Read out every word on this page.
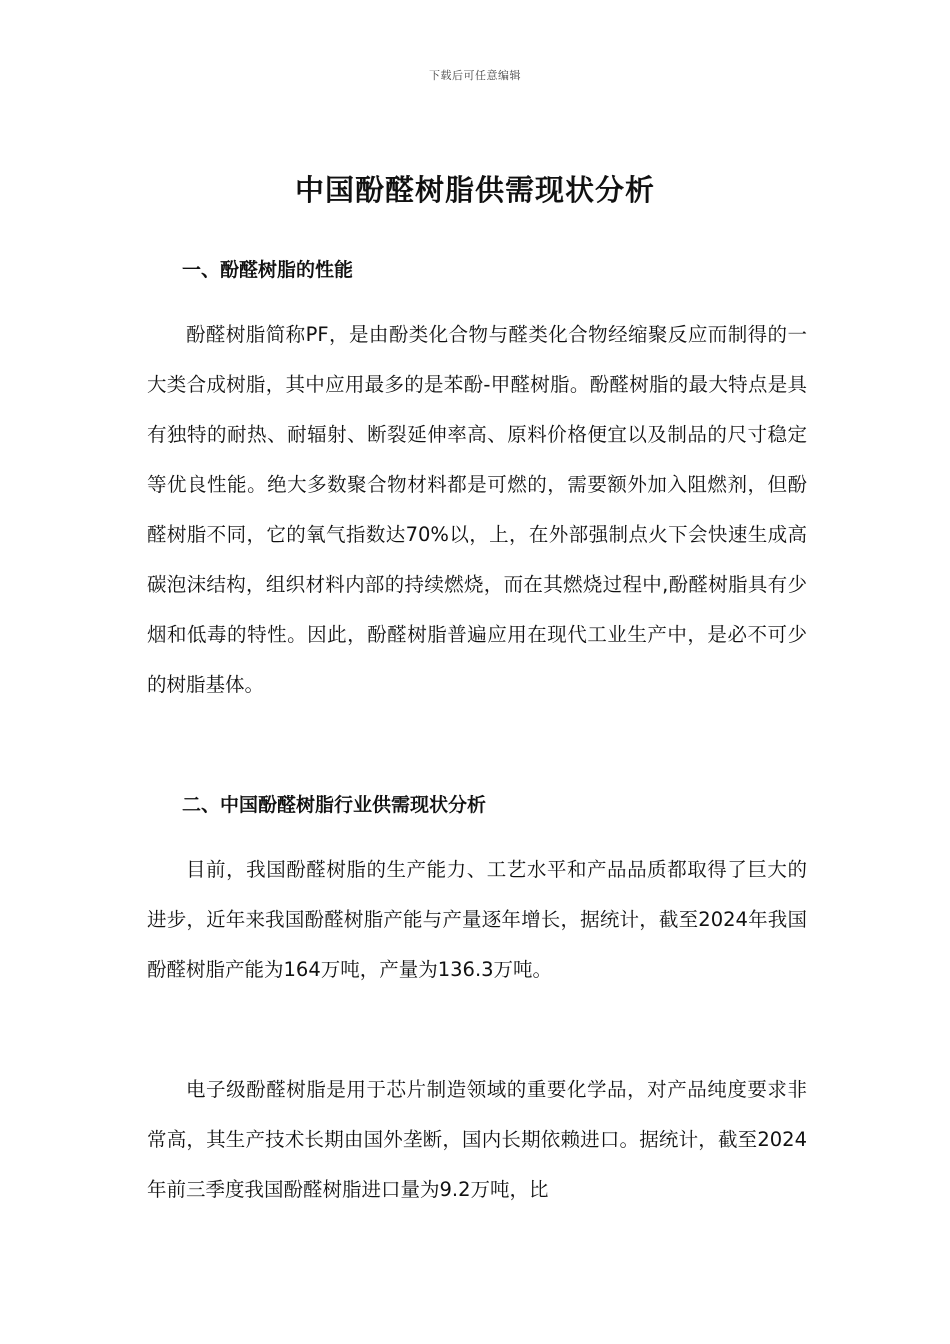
下载后可任意编辑
中国酚醛树脂供需现状分析
一、酚醛树脂的性能

酚醛树脂简称PF，是由酚类化合物与醛类化合物经缩聚反应而制得的一大类合成树脂，其中应用最多的是苯酚-甲醛树脂。酚醛树脂的最大特点是具有独特的耐热、耐辐射、断裂延伸率高、原料价格便宜以及制品的尺寸稳定等优良性能。绝大多数聚合物材料都是可燃的，需要额外加入阻燃剂，但酚醛树脂不同，它的氧气指数达70%以，上，在外部强制点火下会快速生成高碳泡沫结构，组织材料内部的持续燃烧，而在其燃烧过程中,酚醛树脂具有少烟和低毒的特性。因此，酚醛树脂普遍应用在现代工业生产中，是必不可少的树脂基体。

二、中国酚醛树脂行业供需现状分析

目前，我国酚醛树脂的生产能力、工艺水平和产品品质都取得了巨大的进步，近年来我国酚醛树脂产能与产量逐年增长，据统计，截至2024年我国酚醛树脂产能为164万吨，产量为136.3万吨。

电子级酚醛树脂是用于芯片制造领域的重要化学品，对产品纯度要求非常高，其生产技术长期由国外垄断，国内长期依赖进口。据统计，截至2024年前三季度我国酚醛树脂进口量为9.2万吨，比
